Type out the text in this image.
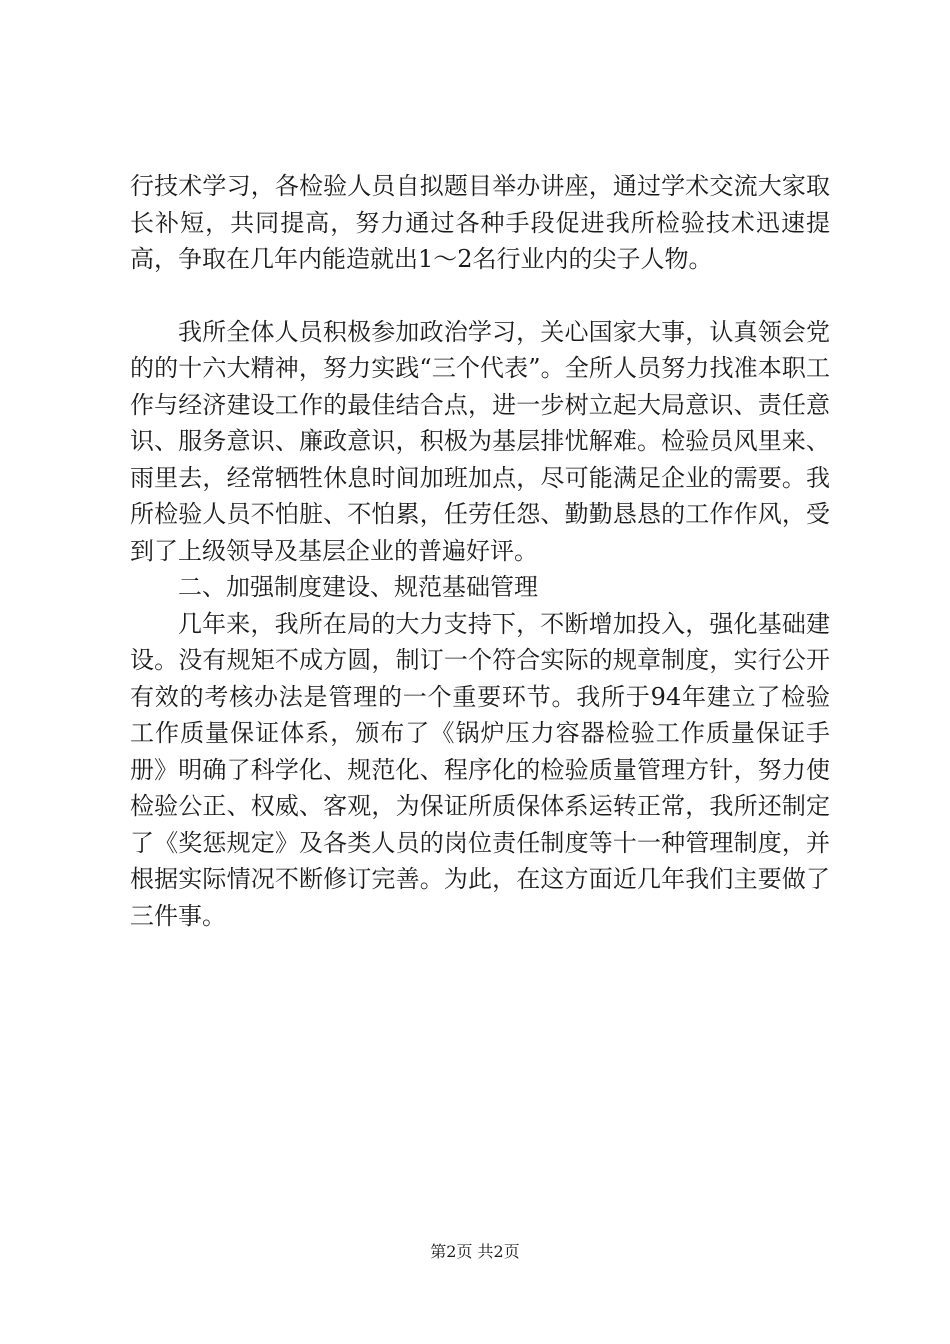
行技术学习，各检验人员自拟题目举办讲座，通过学术交流大家取长补短，共同提高，努力通过各种手段促进我所检验技术迅速提高，争取在几年内能造就出1～2名行业内的尖子人物。

我所全体人员积极参加政治学习，关心国家大事，认真领会党的的十六大精神，努力实践“三个代表”。全所人员努力找准本职工作与经济建设工作的最佳结合点，进一步树立起大局意识、责任意识、服务意识、廉政意识，积极为基层排忧解难。检验员风里来、雨里去，经常牺牲休息时间加班加点，尽可能满足企业的需要。我所检验人员不怕脏、不怕累，任劳任怨、勤勤恳恳的工作作风，受到了上级领导及基层企业的普遍好评。

二、加强制度建设、规范基础管理

几年来，我所在局的大力支持下，不断增加投入，强化基础建设。没有规矩不成方圆，制订一个符合实际的规章制度，实行公开有效的考核办法是管理的一个重要环节。我所于94年建立了检验工作质量保证体系，颁布了《锅炉压力容器检验工作质量保证手册》明确了科学化、规范化、程序化的检验质量管理方针，努力使检验公正、权威、客观，为保证所质保体系运转正常，我所还制定了《奖惩规定》及各类人员的岗位责任制度等十一种管理制度，并根据实际情况不断修订完善。为此，在这方面近几年我们主要做了三件事。

第2页 共2页
